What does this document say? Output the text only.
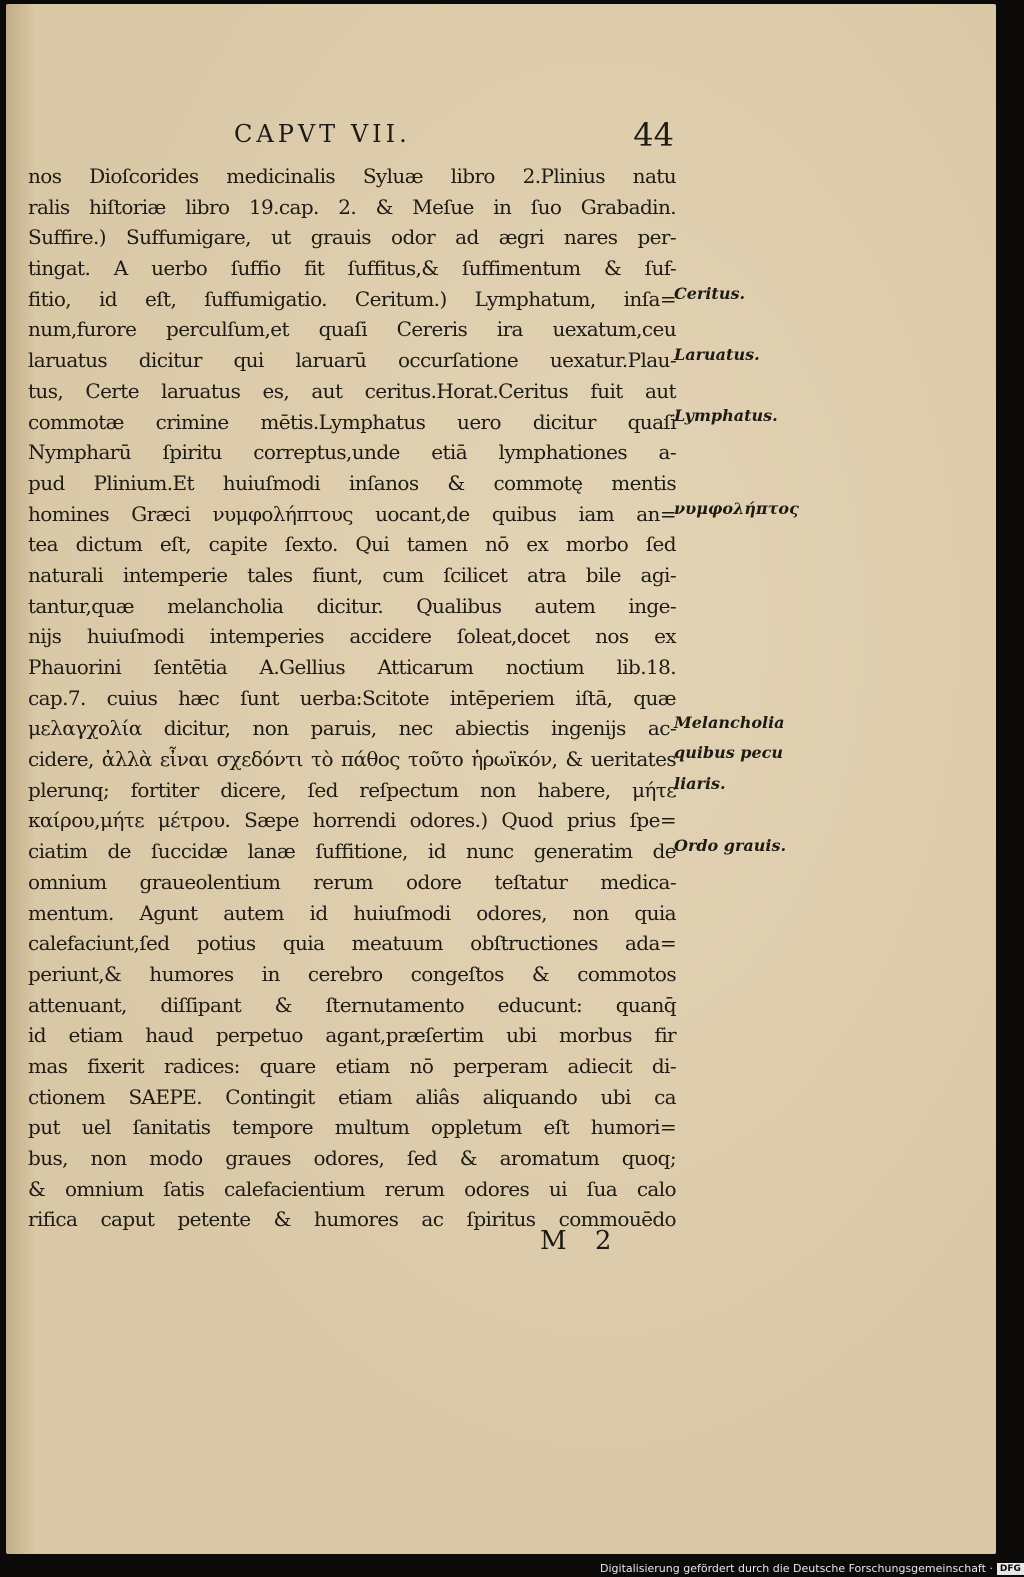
CAPVT VII.	44
nos Dioſcorides medicinalis Syluæ libro 2.Plinius natu
ralis hiſtoriæ libro 19.cap. 2. & Meſue in ſuo Grabadin.
Suffire.) Suffumigare, ut grauis odor ad ægri nares per-
tingat. A uerbo ſuffio fit ſuffitus,& ſuffimentum & ſuf-
fitio, id eſt, ſuffumigatio. Ceritum.) Lymphatum, inſa=
num,furore perculſum,et quaſi Cereris ira uexatum,ceu
laruatus dicitur qui laruarū occurſatione uexatur.Plau-
tus, Certe laruatus es, aut ceritus.Horat.Ceritus fuit aut
commotæ crimine mētis.Lymphatus uero dicitur quaſi
Nympharū ſpiritu correptus,unde etiā lymphationes a-
pud Plinium.Et huiuſmodi inſanos & commotę mentis
homines Græci νυμφολήπτους uocant,de quibus iam an=
tea dictum eſt, capite ſexto. Qui tamen nō ex morbo ſed
naturali intemperie tales fiunt, cum ſcilicet atra bile agi-
tantur,quæ melancholia dicitur. Qualibus autem inge-
nijs huiuſmodi intemperies accidere ſoleat,docet nos ex
Phauorini ſentētia A.Gellius Atticarum noctium lib.18.
cap.7. cuius hæc ſunt uerba:Scitote intēperiem iſtā, quæ
μελαγχολία dicitur, non paruis, nec abiectis ingenijs ac-
cidere, ἀλλὰ εἶναι σχεδόντι τὸ πάθος τοῦτο ἡρωϊκόν, & ueritates
plerunq; fortiter dicere, ſed reſpectum non habere, μήτε
καίρου,μήτε μέτρου. Sæpe horrendi odores.) Quod prius ſpe=
ciatim de ſuccidæ lanæ ſuffitione, id nunc generatim de
omnium graueolentium rerum odore teſtatur medica-
mentum. Agunt autem id huiuſmodi odores, non quia
calefaciunt,ſed potius quia meatuum obſtructiones ada=
periunt,& humores in cerebro congeſtos & commotos
attenuant, diſſipant & ſternutamento educunt: quanq̄
id etiam haud perpetuo agant,præſertim ubi morbus fir
mas fixerit radices: quare etiam nō perperam adiecit di-
ctionem SAEPE. Contingit etiam aliâs aliquando ubi ca
put uel ſanitatis tempore multum oppletum eſt humori=
bus, non modo graues odores, ſed & aromatum quoq;
& omnium ſatis calefacientium rerum odores ui ſua calo
rifica caput petente & humores ac ſpiritus commouēdo
Ceritus.
Laruatus.
Lymphatus.
νυμφολήπτος
Melancholia
quibus pecu
liaris.
Ordo grauis.
M 2
Digitalisierung gefördert durch die Deutsche Forschungsgemeinschaft · DFG
